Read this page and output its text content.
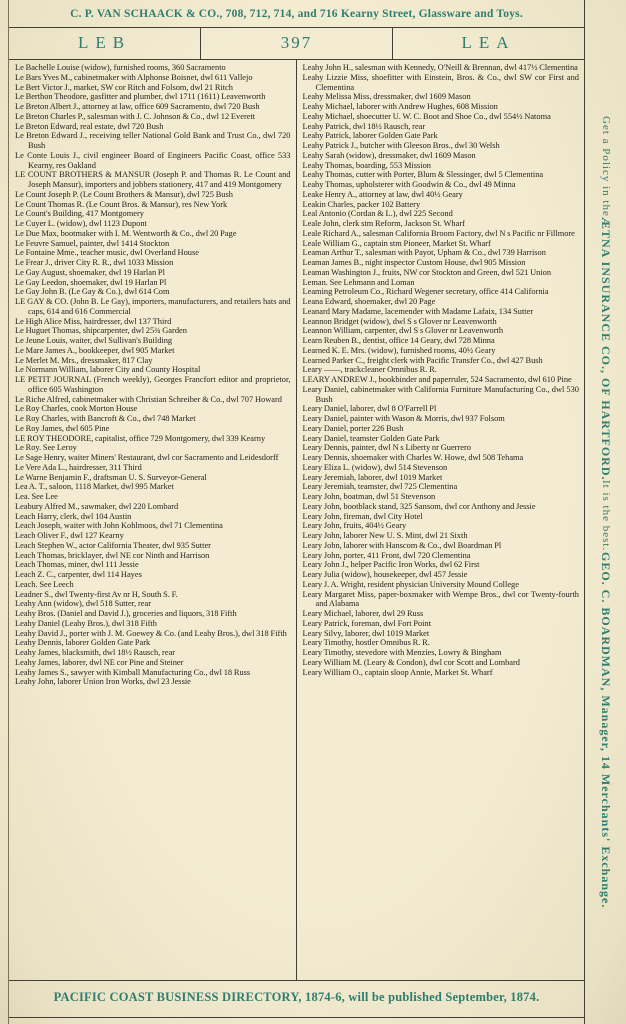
C. P. VAN SCHAACK & CO., 708, 712, 714, and 716 Kearny Street, Glassware and Toys.
LEB	397	LEA
Le Bachelle Louise (widow), furnished rooms, 360 Sacramento
Le Bars Yves M., cabinetmaker with Alphonse Boisnet, dwl 611 Vallejo
Le Bert Victor J., market, SW cor Ritch and Folsom, dwl 21 Ritch
Le Berthon Theodore, gasfitter and plumber, dwl 1711 (1611) Leavenworth
Le Breton Albert J., attorney at law, office 609 Sacramento, dwl 720 Bush
Le Breton Charles P., salesman with J. C. Johnson & Co., dwl 12 Everett
Le Breton Edward, real estate, dwl 720 Bush
Le Breton Edward J., receiving teller National Gold Bank and Trust Co., dwl 720 Bush
Le Conte Louis J., civil engineer Board of Engineers Pacific Coast, office 533 Kearny, res Oakland
LE COUNT BROTHERS & MANSUR (Joseph P. and Thomas R. Le Count and Joseph Mansur), importers and jobbers stationery, 417 and 419 Montgomery
Le Count Joseph P. (Le Count Brothers & Mansur), dwl 725 Bush
Le Count Thomas R. (Le Count Bros. & Mansur), res New York
Le Count's Building, 417 Montgomery
Le Cuyer L. (widow), dwl 1123 Dupont
Le Due Max, bootmaker with I. M. Wentworth & Co., dwl 20 Page
Le Feuvre Samuel, painter, dwl 1414 Stockton
Le Fontaine Mme., teacher music, dwl Overland House
Le Frear J., driver City R. R., dwl 1033 Mission
Le Gay August, shoemaker, dwl 19 Harlan Pl
Le Gay Leedon, shoemaker, dwl 19 Harlan Pl
Le Gay John B. (Le Gay & Co.), dwl 614 Com
LE GAY & CO. (John B. Le Gay), importers, manufacturers, and retailers hats and caps, 614 and 616 Commercial
Le High Alice Miss, hairdresser, dwl 137 Third
Le Huguet Thomas, shipcarpenter, dwl 25¾ Garden
Le Jeune Louis, waiter, dwl Sullivan's Building
Le Mare James A., bookkeeper, dwl 905 Market
Le Merlet M. Mrs., dressmaker, 817 Clay
Le Normann William, laborer City and County Hospital
LE PETIT JOURNAL (French weekly), Georges Francfort editor and proprietor, office 605 Washington
Le Riche Alfred, cabinetmaker with Christian Schreiber & Co., dwl 707 Howard
Le Roy Charles, cook Morton House
Le Roy Charles, with Bancroft & Co., dwl 748 Market
Le Roy James, dwl 605 Pine
LE ROY THEODORE, capitalist, office 729 Montgomery, dwl 339 Kearny
Le Roy. See Leroy
Le Sage Henry, waiter Miners' Restaurant, dwl cor Sacramento and Leidesdorff
Le Vere Ada L., hairdresser, 311 Third
Le Warne Benjamin F., draftsman U. S. Surveyor-General
Lea A. T., saloon, 1118 Market, dwl 995 Market
Lea. See Lee
Leabury Alfred M., sawmaker, dwl 220 Lombard
Leach Harry, clerk, dwl 104 Austin
Leach Joseph, waiter with John Kohlmoos, dwl 71 Clementina
Leach Oliver F., dwl 127 Kearny
Leach Stephen W., actor California Theater, dwl 935 Sutter
Leach Thomas, bricklayer, dwl NE cor Ninth and Harrison
Leach Thomas, miner, dwl 111 Jessie
Leach Z. C., carpenter, dwl 114 Hayes
Leach. See Leech
Leadner S., dwl Twenty-first Av nr H, South S. F.
Leahy Ann (widow), dwl 518 Sutter, rear
Leahy Bros. (Daniel and David J.), groceries and liquors, 318 Fifth
Leahy Daniel (Leahy Bros.), dwl 318 Fifth
Leahy David J., porter with J. M. Goewey & Co. (and Leahy Bros.), dwl 318 Fifth
Leahy Dennis, laborer Golden Gate Park
Leahy James, blacksmith, dwl 18½ Rausch, rear
Leahy James, laborer, dwl NE cor Pine and Steiner
Leahy James S., sawyer with Kimball Manufacturing Co., dwl 18 Russ
Leahy John, laborer Union Iron Works, dwl 23 Jessie
Leahy John H., salesman with Kennedy, O'Neill & Brennan, dwl 417½ Clementina
Leahy Lizzie Miss, shoefitter with Einstein, Bros. & Co., dwl SW cor First and Clementina
Leahy Melissa Miss, dressmaker, dwl 1609 Mason
Leahy Michael, laborer with Andrew Hughes, 608 Mission
Leahy Michael, shoecutter U. W. C. Boot and Shoe Co., dwl 554½ Natoma
Leahy Patrick, dwl 18½ Rausch, rear
Leahy Patrick, laborer Golden Gate Park
Leahy Patrick J., butcher with Gleeson Bros., dwl 30 Welsh
Leahy Sarah (widow), dressmaker, dwl 1609 Mason
Leahy Thomas, boarding, 553 Mission
Leahy Thomas, cutter with Porter, Blum & Slessinger, dwl 5 Clementina
Leahy Thomas, upholsterer with Goodwin & Co., dwl 49 Minna
Leake Henry A., attorney at law, dwl 40½ Geary
Leakin Charles, packer 102 Battery
Leal Antonio (Cordan & L.), dwl 225 Second
Leale John, clerk stm Reform, Jackson St. Wharf
Leale Richard A., salesman California Broom Factory, dwl N s Pacific nr Fillmore
Leale William G., captain stm Pioneer, Market St. Wharf
Leaman Arthur T., salesman with Payot, Upham & Co., dwl 739 Harrison
Leaman James B., night inspector Custom House, dwl 905 Mission
Leaman Washington J., fruits, NW cor Stockton and Green, dwl 521 Union
Leman. See Lehmann and Loman
Leaming Petroleum Co., Richard Wegener secretary, office 414 California
Leana Edward, shoemaker, dwl 20 Page
Leanard Mary Madame, lacemender with Madame Lafaix, 134 Sutter
Leannon Bridget (widow), dwl S s Glover nr Leavenworth
Leannon William, carpenter, dwl S s Glover nr Leavenworth
Learn Reuben B., dentist, office 14 Geary, dwl 728 Minna
Learned K. E. Mrs. (widow), furnished rooms, 40½ Geary
Learned Parker C., freight clerk with Pacific Transfer Co., dwl 427 Bush
Leary ——, trackcleaner Omnibus R. R.
LEARY ANDREW J., bookbinder and paperruler, 524 Sacramento, dwl 610 Pine
Leary Daniel, cabinetmaker with California Furniture Manufacturing Co., dwl 530 Bush
Leary Daniel, laborer, dwl 8 O'Farrell Pl
Leary Daniel, painter with Wason & Morris, dwl 937 Folsom
Leary Daniel, porter 226 Bush
Leary Daniel, teamster Golden Gate Park
Leary Dennis, painter, dwl N s Liberty nr Guerrero
Leary Dennis, shoemaker with Charles W. Howe, dwl 508 Tehama
Leary Eliza L. (widow), dwl 514 Stevenson
Leary Jeremiah, laborer, dwl 1019 Market
Leary Jeremiah, teamster, dwl 725 Clementina
Leary John, boatman, dwl 51 Stevenson
Leary John, bootblack stand, 325 Sansom, dwl cor Anthony and Jessie
Leary John, fireman, dwl City Hotel
Leary John, fruits, 404½ Geary
Leary John, laborer New U. S. Mint, dwl 21 Sixth
Leary John, laborer with Hanscom & Co., dwl Boardman Pl
Leary John, porter, 411 Front, dwl 720 Clementina
Leary John J., helper Pacific Iron Works, dwl 62 First
Leary Julia (widow), housekeeper, dwl 457 Jessie
Leary J. A. Wright, resident physician University Mound College
Leary Margaret Miss, paper-boxmaker with Wempe Bros., dwl cor Twenty-fourth and Alabama
Leary Michael, laborer, dwl 29 Russ
Leary Patrick, foreman, dwl Fort Point
Leary Silvy, laborer, dwl 1019 Market
Leary Timothy, hostler Omnibus R. R.
Leary Timothy, stevedore with Menzies, Lowry & Bingham
Leary William M. (Leary & Condon), dwl cor Scott and Lombard
Leary William O., captain sloop Annie, Market St. Wharf
PACIFIC COAST BUSINESS DIRECTORY, 1874-6, will be published September, 1874.
Get a Policy in the
ÆTNA INSURANCE CO., OF HARTFORD.
It is the best.
GEO. C. BOARDMAN, Manager, 14 Merchants' Exchange.
